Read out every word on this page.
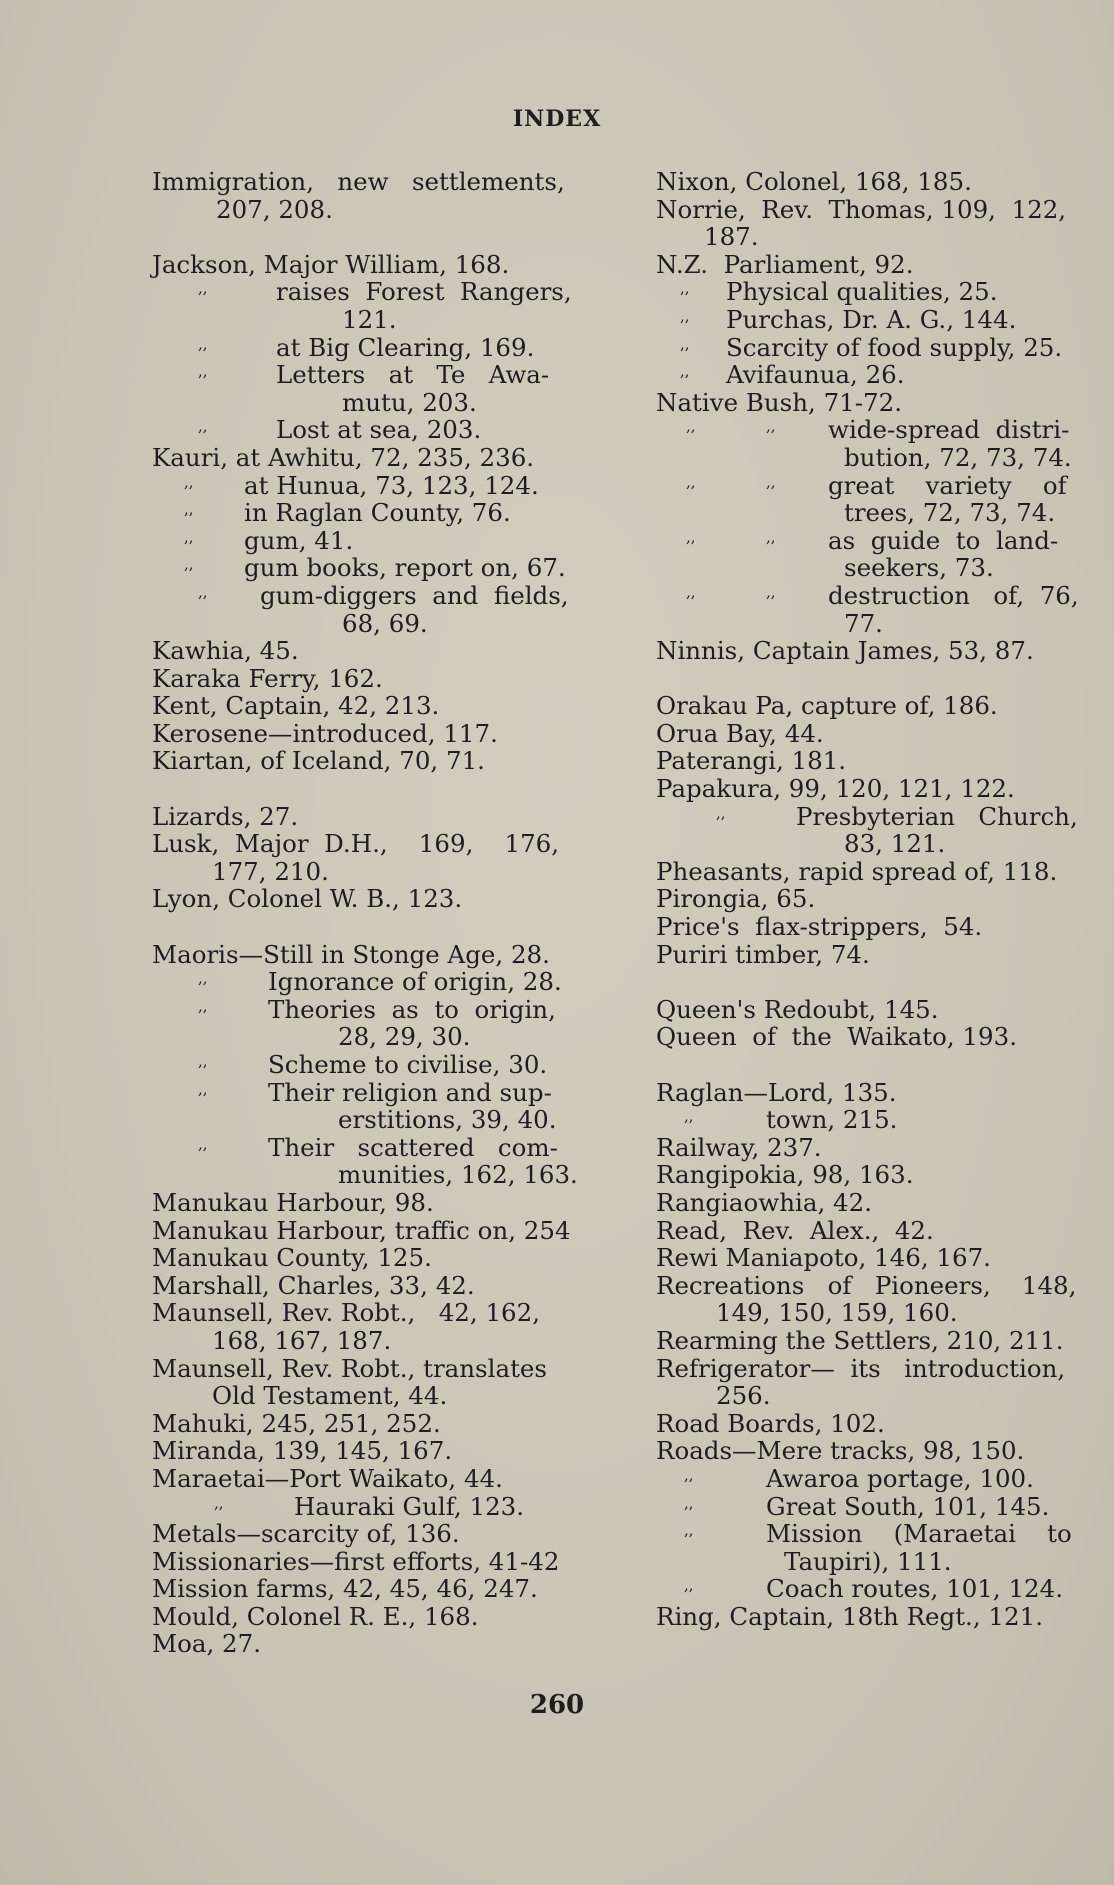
INDEX
Immigration,   new   settlements,
207, 208.
Jackson, Major William, 168.
,,	raises  Forest  Rangers,
121.
,,	at Big Clearing, 169.
,,	Letters   at   Te   Awa-
mutu, 203.
,,	Lost at sea, 203.
Kauri, at Awhitu, 72, 235, 236.
,, at Hunua, 73, 123, 124.
,, in Raglan County, 76.
,, gum, 41.
,, gum books, report on, 67.
,, gum-diggers  and  fields,
68, 69.
Kawhia, 45.
Karaka Ferry, 162.
Kent, Captain, 42, 213.
Kerosene—introduced, 117.
Kiartan, of Iceland, 70, 71.
Lizards, 27.
Lusk,  Major  D.H.,    169,    176,
177, 210.
Lyon, Colonel W. B., 123.
Maoris—Still in Stonge Age, 28.
,, Ignorance of origin, 28.
,, Theories  as  to  origin,
28, 29, 30.
,, Scheme to civilise, 30.
,, Their religion and sup-
erstitions, 39, 40.
,, Their   scattered   com-
munities, 162, 163.
Manukau Harbour, 98.
Manukau Harbour, traffic on, 254
Manukau County, 125.
Marshall, Charles, 33, 42.
Maunsell, Rev. Robt.,   42, 162,
168, 167, 187.
Maunsell, Rev. Robt., translates
Old Testament, 44.
Mahuki, 245, 251, 252.
Miranda, 139, 145, 167.
Maraetai—Port Waikato, 44.
,,	Hauraki Gulf, 123.
Metals—scarcity of, 136.
Missionaries—first efforts, 41-42
Mission farms, 42, 45, 46, 247.
Mould, Colonel R. E., 168.
Moa, 27.
Nixon, Colonel, 168, 185.
Norrie,  Rev.  Thomas, 109,  122,
187.
N.Z.  Parliament, 92.
,, Physical qualities, 25.
,, Purchas, Dr. A. G., 144.
,, Scarcity of food supply, 25.
,, Avifaunua, 26.
Native Bush, 71-72.
,,	,, wide-spread  distri-
bution, 72, 73, 74.
,,	,, great    variety    of
trees, 72, 73, 74.
,,	,, as  guide  to  land-
seekers, 73.
,,	,, destruction   of,  76,
77.
Ninnis, Captain James, 53, 87.
Orakau Pa, capture of, 186.
Orua Bay, 44.
Paterangi, 181.
Papakura, 99, 120, 121, 122.
,,	Presbyterian   Church,
83, 121.
Pheasants, rapid spread of, 118.
Pirongia, 65.
Price's  flax-strippers,  54.
Puriri timber, 74.
Queen's Redoubt, 145.
Queen  of  the  Waikato, 193.
Raglan—Lord, 135.
,,	town, 215.
Railway, 237.
Rangipokia, 98, 163.
Rangiaowhia, 42.
Read,  Rev.  Alex.,  42.
Rewi Maniapoto, 146, 167.
Recreations   of   Pioneers,    148,
149, 150, 159, 160.
Rearming the Settlers, 210, 211.
Refrigerator—  its   introduction,
256.
Road Boards, 102.
Roads—Mere tracks, 98, 150.
,,	Awaroa portage, 100.
,,	Great South, 101, 145.
,,	Mission    (Maraetai    to
Taupiri), 111.
,,	Coach routes, 101, 124.
Ring, Captain, 18th Regt., 121.
260
